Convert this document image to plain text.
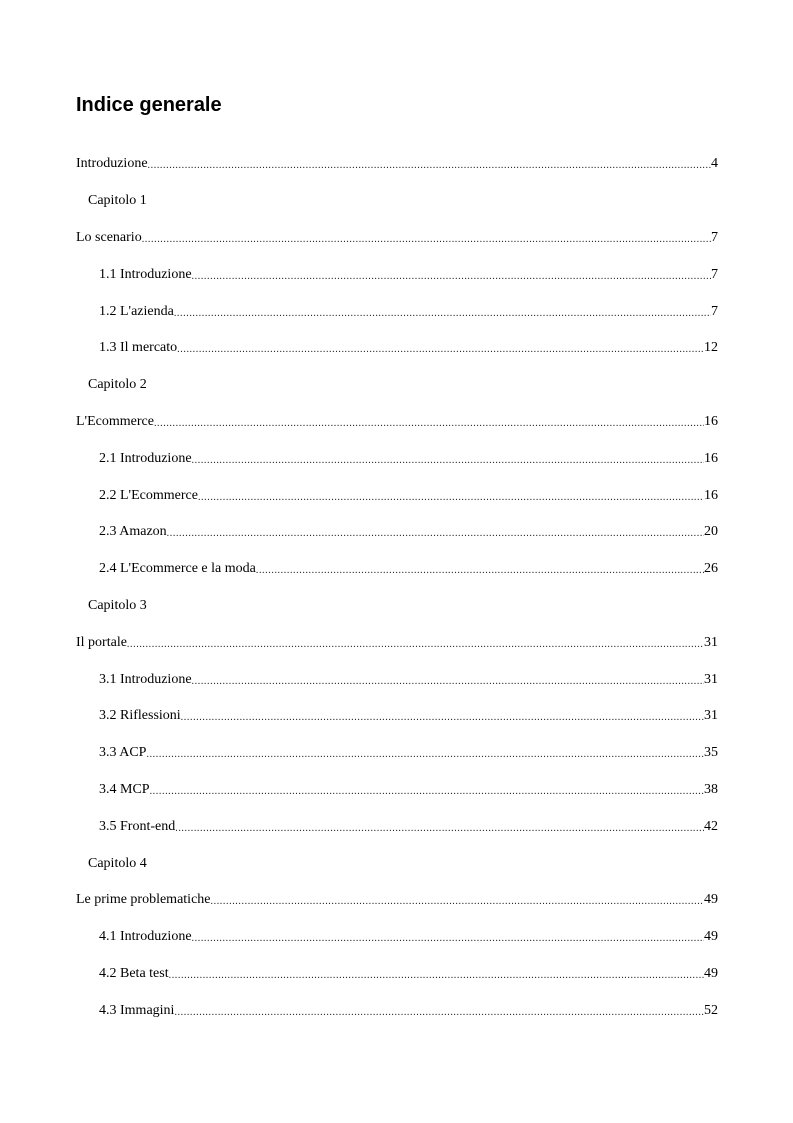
Indice generale
Introduzione .....	4
Capitolo 1
Lo scenario .....	7
1.1 Introduzione .....	7
1.2 L'azienda .....	7
1.3 Il mercato .....	12
Capitolo 2
L'Ecommerce .....	16
2.1 Introduzione .....	16
2.2 L'Ecommerce .....	16
2.3 Amazon .....	20
2.4 L'Ecommerce e la moda .....	26
Capitolo 3
Il portale .....	31
3.1 Introduzione .....	31
3.2 Riflessioni .....	31
3.3 ACP .....	35
3.4 MCP .....	38
3.5 Front-end .....	42
Capitolo 4
Le prime problematiche .....	49
4.1 Introduzione .....	49
4.2 Beta test .....	49
4.3 Immagini .....	52
